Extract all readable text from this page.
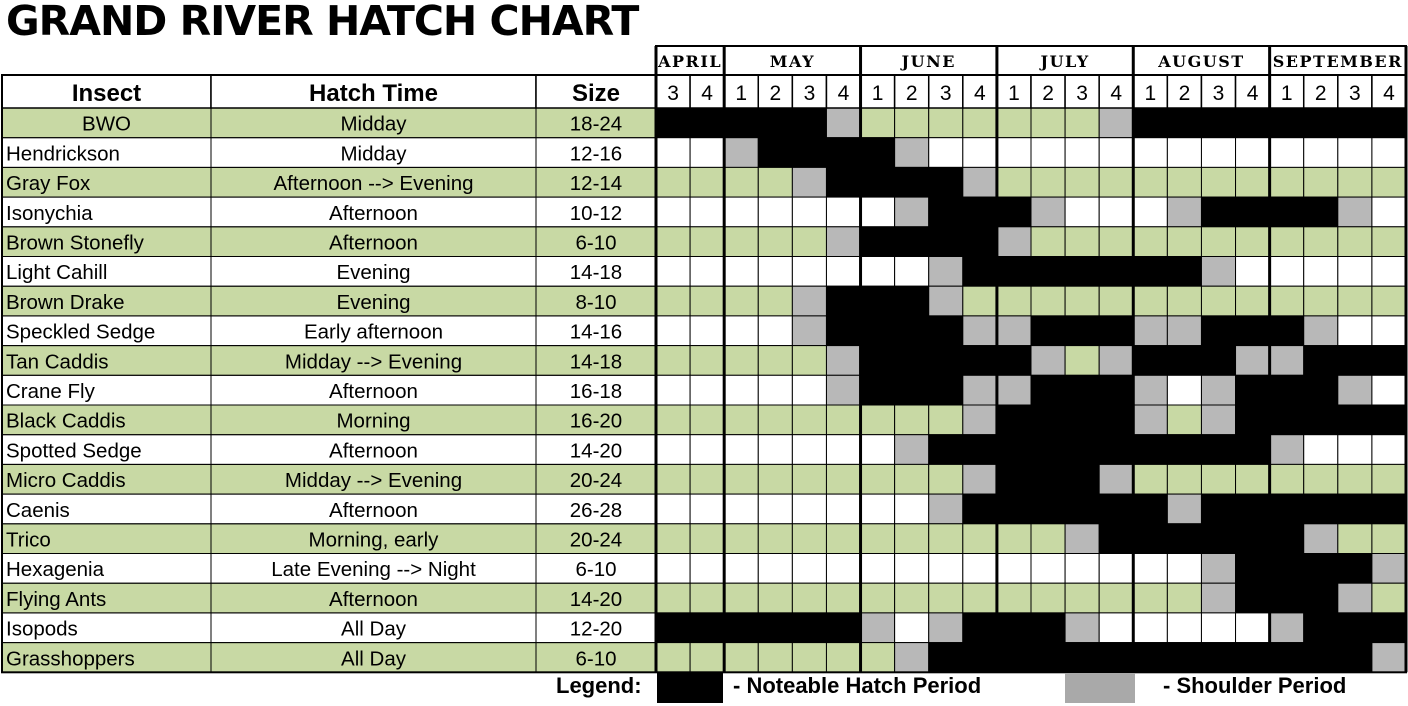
GRAND RIVER HATCH CHART
APRIL
3 4
MAY
1 2 3 4
JUNE
1 2 3 4
JULY
1 2 3 4
AUGUST
1 2 3 4
SEPTEMBER
1 2 3 4
Insect	Hatch Time	Size
BWO	Midday	18-24
Hendrickson	Midday	12-16
Gray Fox	Afternoon --> Evening	12-14
Isonychia	Afternoon	10-12
Brown Stonefly	Afternoon	6-10
Light Cahill	Evening	14-18
Brown Drake	Evening	8-10
Speckled Sedge	Early afternoon	14-16
Tan Caddis	Midday --> Evening	14-18
Crane Fly	Afternoon	16-18
Black Caddis	Morning	16-20
Spotted Sedge	Afternoon	14-20
Micro Caddis	Midday --> Evening	20-24
Caenis	Afternoon	26-28
Trico	Morning, early	20-24
Hexagenia	Late Evening --> Night	6-10
Flying Ants	Afternoon	14-20
Isopods	All Day	12-20
Grasshoppers	All Day	6-10
Legend:	- Noteable Hatch Period	- Shoulder Period
